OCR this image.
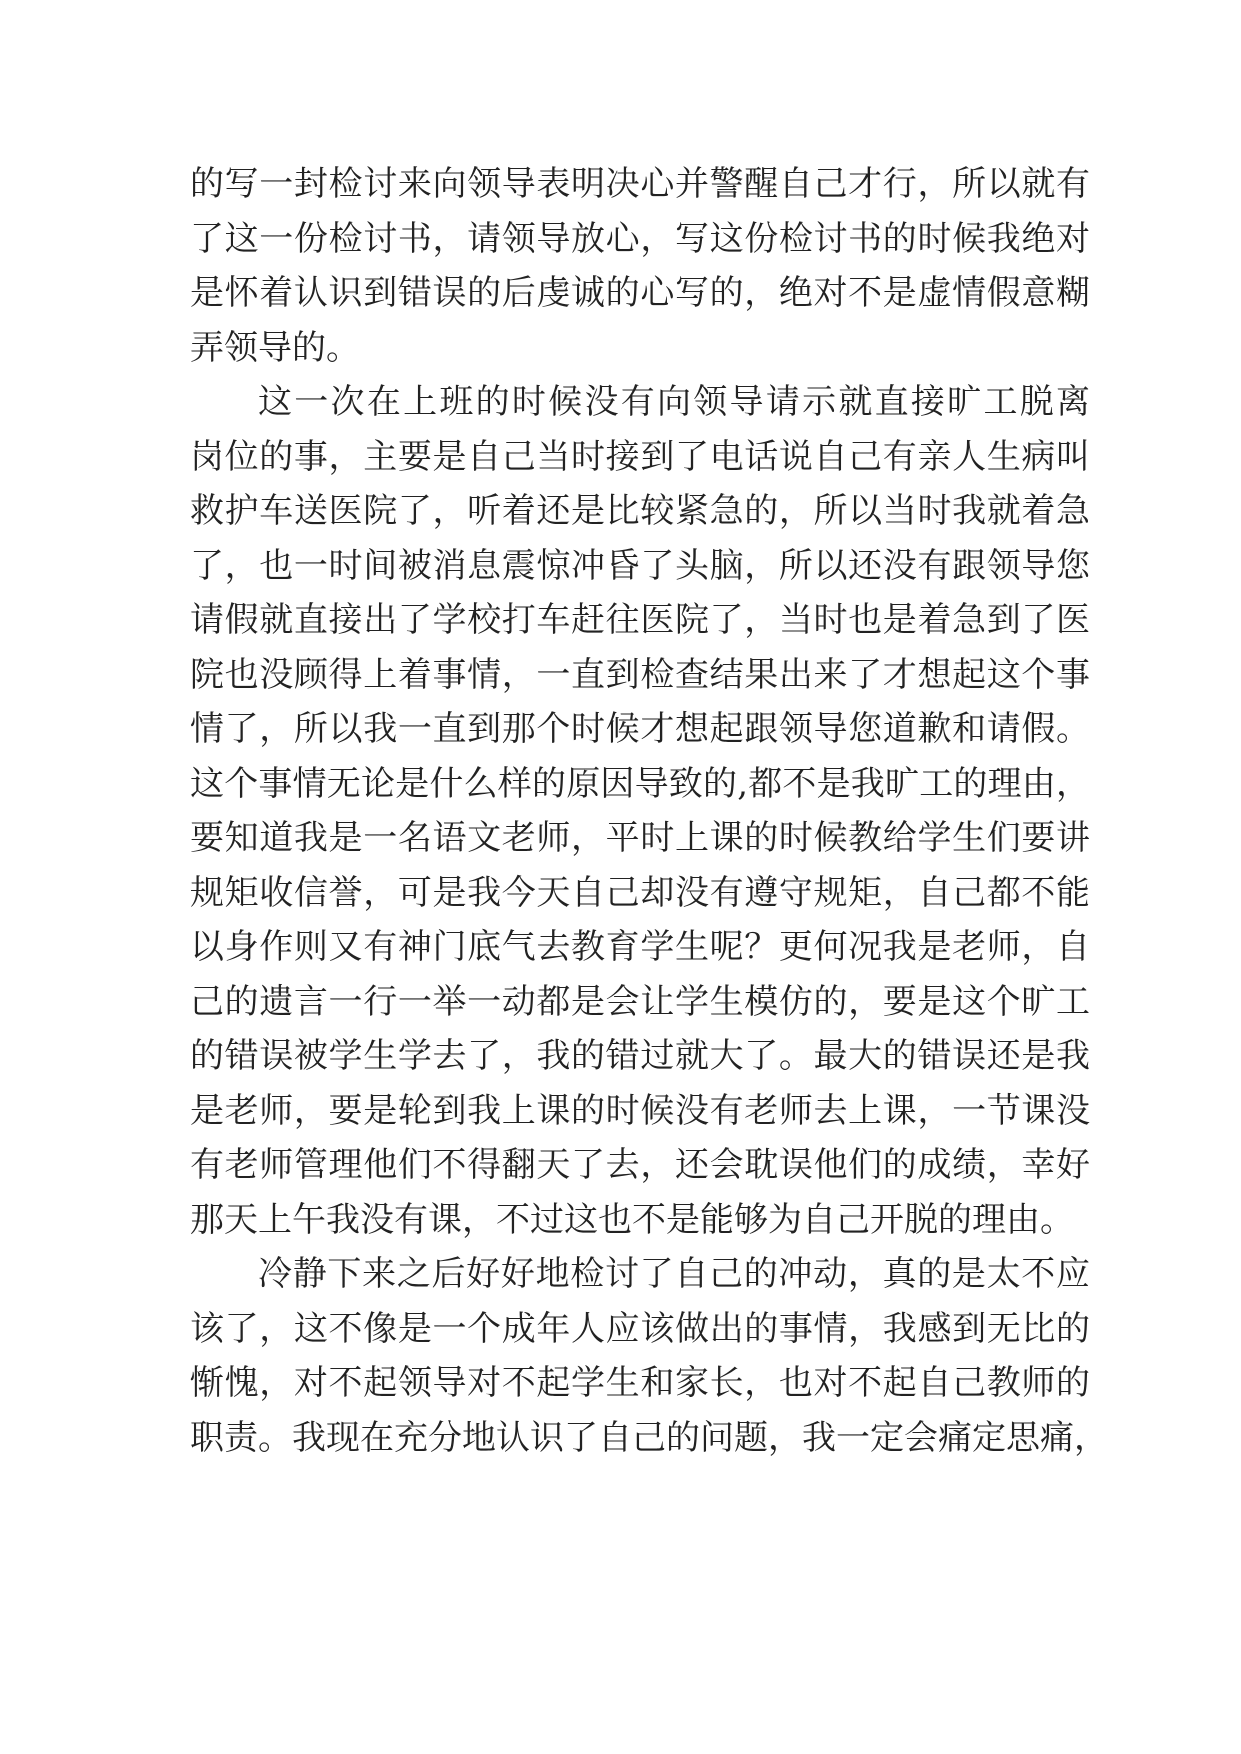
的写一封检讨来向领导表明决心并警醒自己才行，所以就有
了这一份检讨书，请领导放心，写这份检讨书的时候我绝对
是怀着认识到错误的后虔诚的心写的，绝对不是虚情假意糊
弄领导的。
这一次在上班的时候没有向领导请示就直接旷工脱离
岗位的事，主要是自己当时接到了电话说自己有亲人生病叫
救护车送医院了，听着还是比较紧急的，所以当时我就着急
了，也一时间被消息震惊冲昏了头脑，所以还没有跟领导您
请假就直接出了学校打车赶往医院了，当时也是着急到了医
院也没顾得上着事情，一直到检查结果出来了才想起这个事
情了，所以我一直到那个时候才想起跟领导您道歉和请假。
这个事情无论是什么样的原因导致的,都不是我旷工的理由，
要知道我是一名语文老师，平时上课的时候教给学生们要讲
规矩收信誉，可是我今天自己却没有遵守规矩，自己都不能
以身作则又有神门底气去教育学生呢？更何况我是老师，自
己的遗言一行一举一动都是会让学生模仿的，要是这个旷工
的错误被学生学去了，我的错过就大了。最大的错误还是我
是老师，要是轮到我上课的时候没有老师去上课，一节课没
有老师管理他们不得翻天了去，还会耽误他们的成绩，幸好
那天上午我没有课，不过这也不是能够为自己开脱的理由。
冷静下来之后好好地检讨了自己的冲动，真的是太不应
该了，这不像是一个成年人应该做出的事情，我感到无比的
惭愧，对不起领导对不起学生和家长，也对不起自己教师的
职责。我现在充分地认识了自己的问题，我一定会痛定思痛，
